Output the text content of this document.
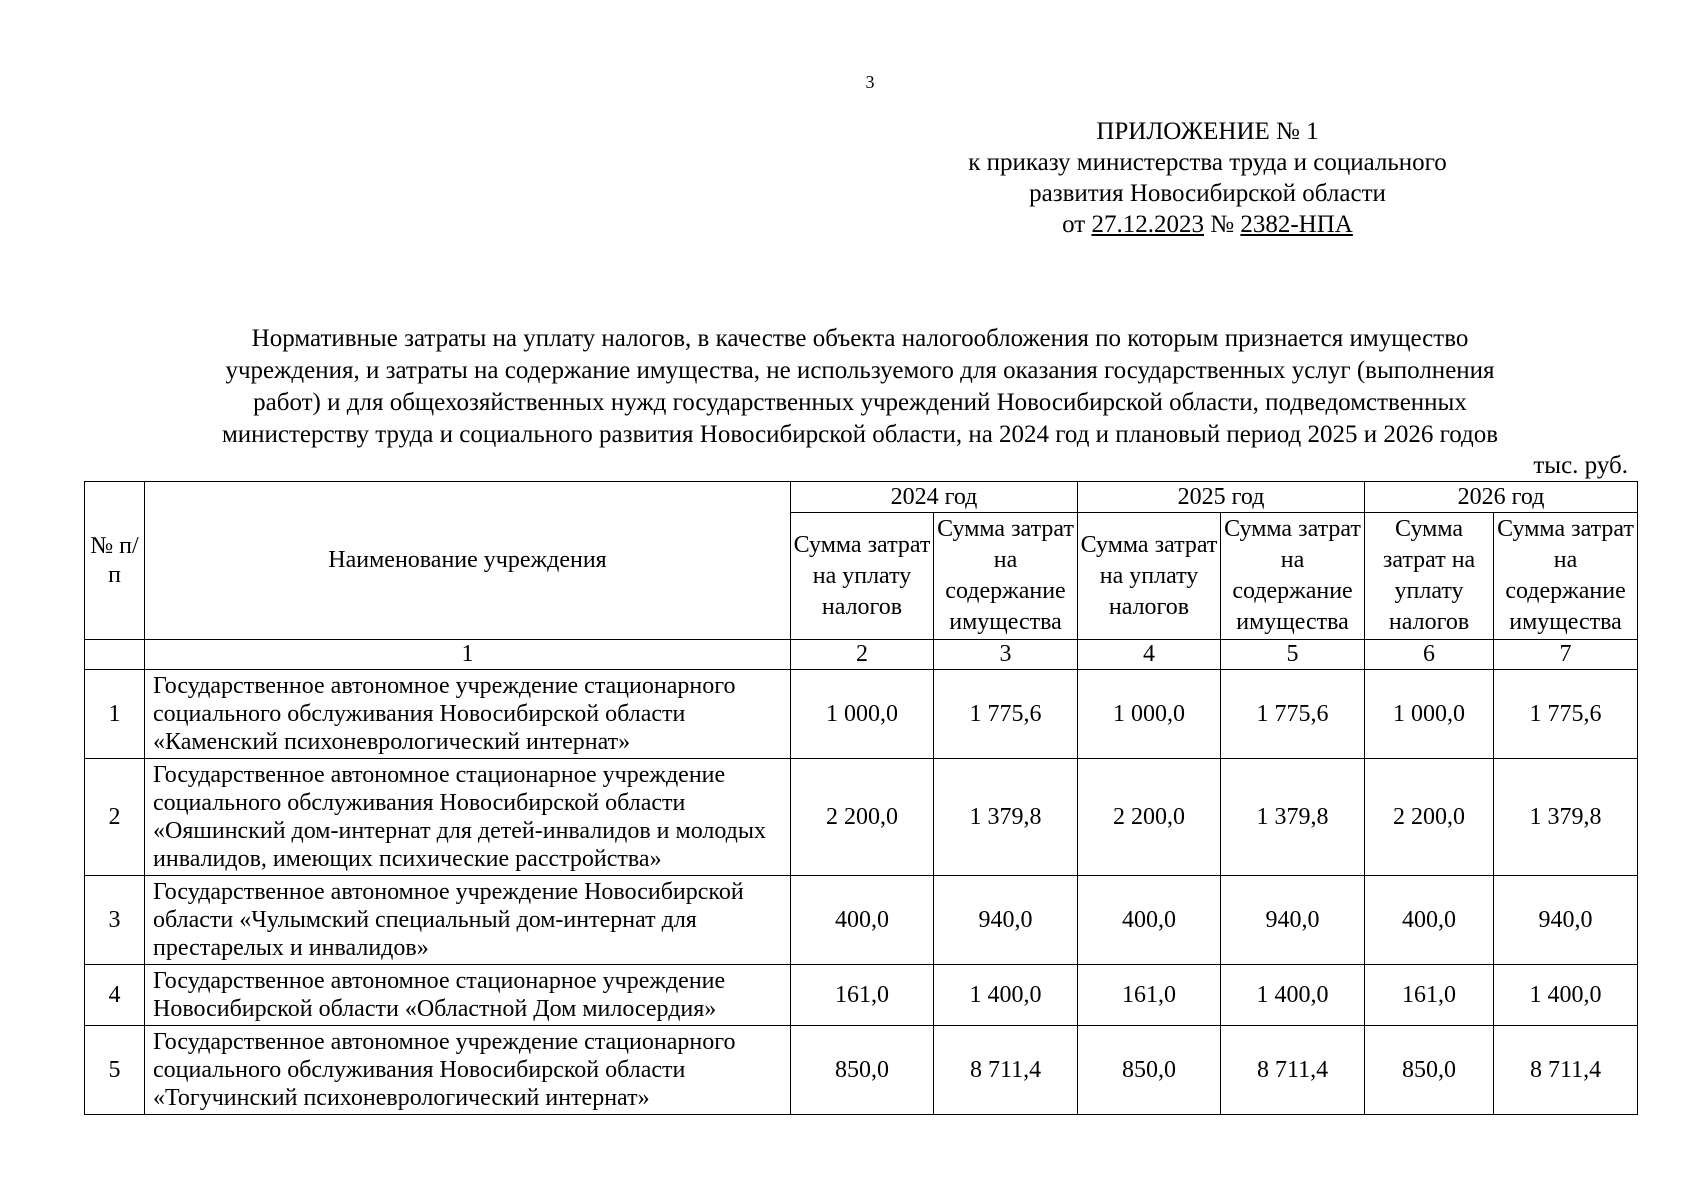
3
ПРИЛОЖЕНИЕ № 1
к приказу министерства труда и социального
развития Новосибирской области
от 27.12.2023 № 2382-НПА
Нормативные затраты на уплату налогов, в качестве объекта налогообложения по которым признается имущество
учреждения, и затраты на содержание имущества, не используемого для оказания государственных услуг (выполнения
работ) и для общехозяйственных нужд государственных учреждений Новосибирской области, подведомственных
министерству труда и социального развития Новосибирской области, на 2024 год и плановый период 2025 и 2026 годов
тыс. руб.
№ п/п	Наименование учреждения	2024 год		2025 год		2026 год	
		Сумма затрат на уплату налогов	Сумма затрат на содержание имущества	Сумма затрат на уплату налогов	Сумма затрат на содержание имущества	Сумма затрат на уплату налогов	Сумма затрат на содержание имущества
	1	2	3	4	5	6	7
1	Государственное автономное учреждение стационарного социального обслуживания Новосибирской области «Каменский психоневрологический интернат»	1 000,0	1 775,6	1 000,0	1 775,6	1 000,0	1 775,6
2	Государственное автономное стационарное учреждение социального обслуживания Новосибирской области «Ояшинский дом-интернат для детей-инвалидов и молодых инвалидов, имеющих психические расстройства»	2 200,0	1 379,8	2 200,0	1 379,8	2 200,0	1 379,8
3	Государственное автономное учреждение Новосибирской области «Чулымский специальный дом-интернат для престарелых и инвалидов»	400,0	940,0	400,0	940,0	400,0	940,0
4	Государственное автономное стационарное учреждение Новосибирской области «Областной Дом милосердия»	161,0	1 400,0	161,0	1 400,0	161,0	1 400,0
5	Государственное автономное учреждение стационарного социального обслуживания Новосибирской области «Тогучинский психоневрологический интернат»	850,0	8 711,4	850,0	8 711,4	850,0	8 711,4
